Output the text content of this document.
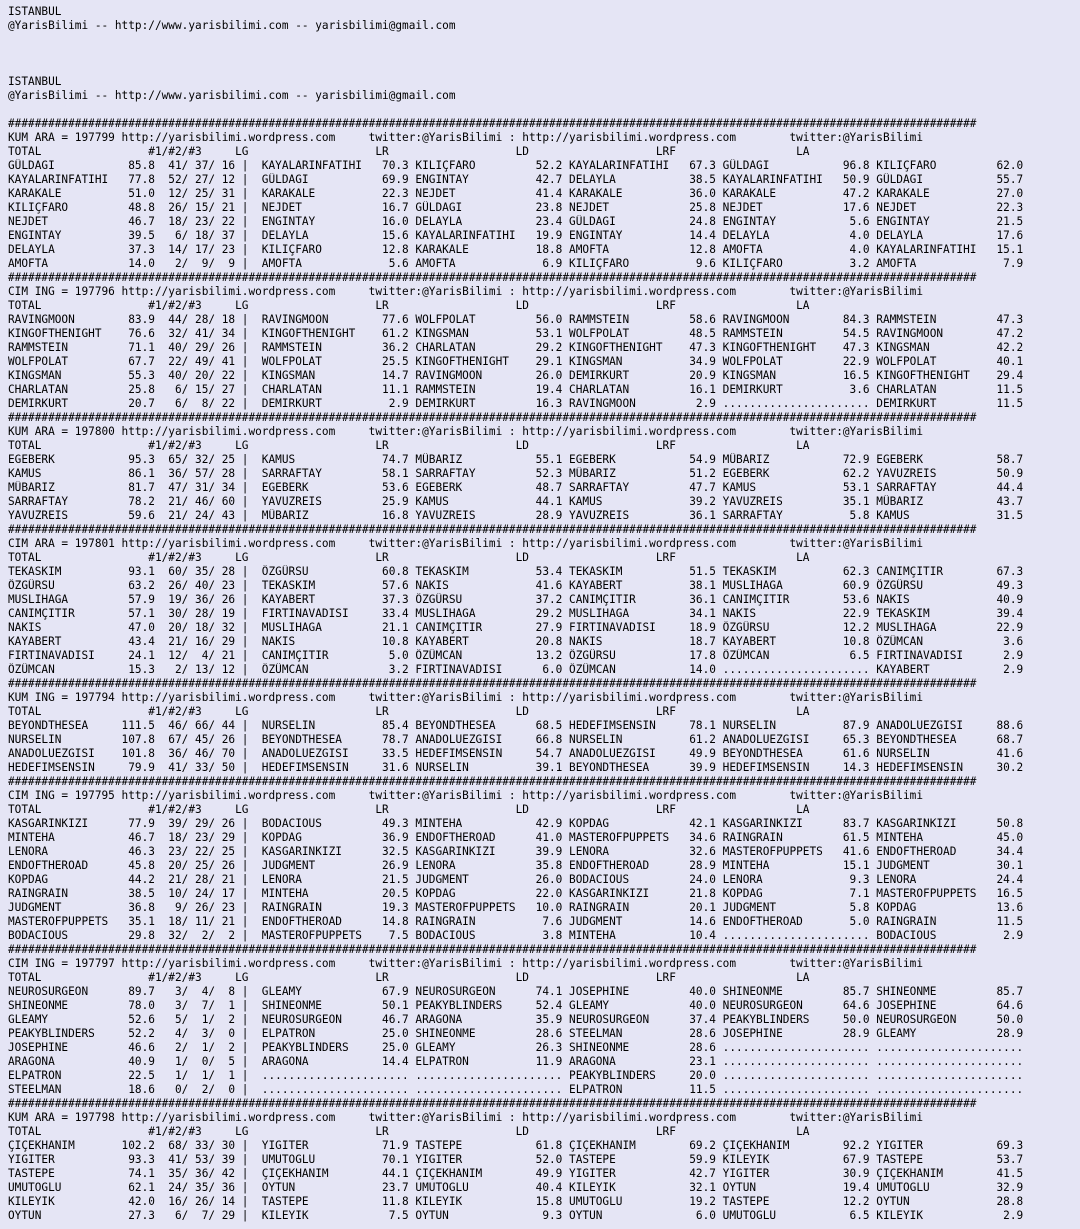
ISTANBUL
@YarisBilimi -- http://www.yarisbilimi.com -- yarisbilimi@gmail.com
ISTANBUL
@YarisBilimi -- http://www.yarisbilimi.com -- yarisbilimi@gmail.com
#################################################################################################################################################
KUM ARA = 197799 http://yarisbilimi.wordpress.com     twitter:@YarisBilimi : http://yarisbilimi.wordpress.com        twitter:@YarisBilimi
TOTAL                #1/#2/#3     LG                   LR                   LD                   LRF                  LA
GÜLDAGI           85.8  41/ 37/ 16 |  KAYALARINFATIHI   70.3 KILIÇFARO         52.2 KAYALARINFATIHI   67.3 GÜLDAGI           96.8 KILIÇFARO         62.0
KAYALARINFATIHI   77.8  52/ 27/ 12 |  GÜLDAGI           69.9 ENGINTAY          42.7 DELAYLA           38.5 KAYALARINFATIHI   50.9 GÜLDAGI           55.7
KARAKALE          51.0  12/ 25/ 31 |  KARAKALE          22.3 NEJDET            41.4 KARAKALE          36.0 KARAKALE          47.2 KARAKALE          27.0
KILIÇFARO         48.8  26/ 15/ 21 |  NEJDET            16.7 GÜLDAGI           23.8 NEJDET            25.8 NEJDET            17.6 NEJDET            22.3
NEJDET            46.7  18/ 23/ 22 |  ENGINTAY          16.0 DELAYLA           23.4 GÜLDAGI           24.8 ENGINTAY           5.6 ENGINTAY          21.5
ENGINTAY          39.5   6/ 18/ 37 |  DELAYLA           15.6 KAYALARINFATIHI   19.9 ENGINTAY          14.4 DELAYLA            4.0 DELAYLA           17.6
DELAYLA           37.3  14/ 17/ 23 |  KILIÇFARO         12.8 KARAKALE          18.8 AMOFTA            12.8 AMOFTA             4.0 KAYALARINFATIHI   15.1
AMOFTA            14.0   2/  9/  9 |  AMOFTA             5.6 AMOFTA             6.9 KILIÇFARO          9.6 KILIÇFARO          3.2 AMOFTA             7.9
#################################################################################################################################################
CIM ING = 197796 http://yarisbilimi.wordpress.com     twitter:@YarisBilimi : http://yarisbilimi.wordpress.com        twitter:@YarisBilimi
TOTAL                #1/#2/#3     LG                   LR                   LD                   LRF                  LA
RAVINGMOON        83.9  44/ 28/ 18 |  RAVINGMOON        77.6 WOLFPOLAT         56.0 RAMMSTEIN         58.6 RAVINGMOON        84.3 RAMMSTEIN         47.3
KINGOFTHENIGHT    76.6  32/ 41/ 34 |  KINGOFTHENIGHT    61.2 KINGSMAN          53.1 WOLFPOLAT         48.5 RAMMSTEIN         54.5 RAVINGMOON        47.2
RAMMSTEIN         71.1  40/ 29/ 26 |  RAMMSTEIN         36.2 CHARLATAN         29.2 KINGOFTHENIGHT    47.3 KINGOFTHENIGHT    47.3 KINGSMAN          42.2
WOLFPOLAT         67.7  22/ 49/ 41 |  WOLFPOLAT         25.5 KINGOFTHENIGHT    29.1 KINGSMAN          34.9 WOLFPOLAT         22.9 WOLFPOLAT         40.1
KINGSMAN          55.3  40/ 20/ 22 |  KINGSMAN          14.7 RAVINGMOON        26.0 DEMIRKURT         20.9 KINGSMAN          16.5 KINGOFTHENIGHT    29.4
CHARLATAN         25.8   6/ 15/ 27 |  CHARLATAN         11.1 RAMMSTEIN         19.4 CHARLATAN         16.1 DEMIRKURT          3.6 CHARLATAN         11.5
DEMIRKURT         20.7   6/  8/ 22 |  DEMIRKURT          2.9 DEMIRKURT         16.3 RAVINGMOON         2.9 ...................... DEMIRKURT         11.5
#################################################################################################################################################
KUM ARA = 197800 http://yarisbilimi.wordpress.com     twitter:@YarisBilimi : http://yarisbilimi.wordpress.com        twitter:@YarisBilimi
TOTAL                #1/#2/#3     LG                   LR                   LD                   LRF                  LA
EGEBERK           95.3  65/ 32/ 25 |  KAMUS             74.7 MÜBARIZ           55.1 EGEBERK           54.9 MÜBARIZ           72.9 EGEBERK           58.7
KAMUS             86.1  36/ 57/ 28 |  SARRAFTAY         58.1 SARRAFTAY         52.3 MÜBARIZ           51.2 EGEBERK           62.2 YAVUZREIS         50.9
MÜBARIZ           81.7  47/ 31/ 34 |  EGEBERK           53.6 EGEBERK           48.7 SARRAFTAY         47.7 KAMUS             53.1 SARRAFTAY         44.4
SARRAFTAY         78.2  21/ 46/ 60 |  YAVUZREIS         25.9 KAMUS             44.1 KAMUS             39.2 YAVUZREIS         35.1 MÜBARIZ           43.7
YAVUZREIS         59.6  21/ 24/ 43 |  MÜBARIZ           16.8 YAVUZREIS         28.9 YAVUZREIS         36.1 SARRAFTAY          5.8 KAMUS             31.5
#################################################################################################################################################
CIM ARA = 197801 http://yarisbilimi.wordpress.com     twitter:@YarisBilimi : http://yarisbilimi.wordpress.com        twitter:@YarisBilimi
TOTAL                #1/#2/#3     LG                   LR                   LD                   LRF                  LA
TEKASKIM          93.1  60/ 35/ 28 |  ÖZGÜRSU           60.8 TEKASKIM          53.4 TEKASKIM          51.5 TEKASKIM          62.3 CANIMÇITIR        67.3
ÖZGÜRSU           63.2  26/ 40/ 23 |  TEKASKIM          57.6 NAKIS             41.6 KAYABERT          38.1 MUSLIHAGA         60.9 ÖZGÜRSU           49.3
MUSLIHAGA         57.9  19/ 36/ 26 |  KAYABERT          37.3 ÖZGÜRSU           37.2 CANIMÇITIR        36.1 CANIMÇITIR        53.6 NAKIS             40.9
CANIMÇITIR        57.1  30/ 28/ 19 |  FIRTINAVADISI     33.4 MUSLIHAGA         29.2 MUSLIHAGA         34.1 NAKIS             22.9 TEKASKIM          39.4
NAKIS             47.0  20/ 18/ 32 |  MUSLIHAGA         21.1 CANIMÇITIR        27.9 FIRTINAVADISI     18.9 ÖZGÜRSU           12.2 MUSLIHAGA         22.9
KAYABERT          43.4  21/ 16/ 29 |  NAKIS             10.8 KAYABERT          20.8 NAKIS             18.7 KAYABERT          10.8 ÖZÜMCAN            3.6
FIRTINAVADISI     24.1  12/  4/ 21 |  CANIMÇITIR         5.0 ÖZÜMCAN           13.2 ÖZGÜRSU           17.8 ÖZÜMCAN            6.5 FIRTINAVADISI      2.9
ÖZÜMCAN           15.3   2/ 13/ 12 |  ÖZÜMCAN            3.2 FIRTINAVADISI      6.0 ÖZÜMCAN           14.0 ...................... KAYABERT           2.9
#################################################################################################################################################
KUM ING = 197794 http://yarisbilimi.wordpress.com     twitter:@YarisBilimi : http://yarisbilimi.wordpress.com        twitter:@YarisBilimi
TOTAL                #1/#2/#3     LG                   LR                   LD                   LRF                  LA
BEYONDTHESEA     111.5  46/ 66/ 44 |  NURSELIN          85.4 BEYONDTHESEA      68.5 HEDEFIMSENSIN     78.1 NURSELIN          87.9 ANADOLUEZGISI     88.6
NURSELIN         107.8  67/ 45/ 26 |  BEYONDTHESEA      78.7 ANADOLUEZGISI     66.8 NURSELIN          61.2 ANADOLUEZGISI     65.3 BEYONDTHESEA      68.7
ANADOLUEZGISI    101.8  36/ 46/ 70 |  ANADOLUEZGISI     33.5 HEDEFIMSENSIN     54.7 ANADOLUEZGISI     49.9 BEYONDTHESEA      61.6 NURSELIN          41.6
HEDEFIMSENSIN     79.9  41/ 33/ 50 |  HEDEFIMSENSIN     31.6 NURSELIN          39.1 BEYONDTHESEA      39.9 HEDEFIMSENSIN     14.3 HEDEFIMSENSIN     30.2
#################################################################################################################################################
CIM ING = 197795 http://yarisbilimi.wordpress.com     twitter:@YarisBilimi : http://yarisbilimi.wordpress.com        twitter:@YarisBilimi
TOTAL                #1/#2/#3     LG                   LR                   LD                   LRF                  LA
KASGARINKIZI      77.9  39/ 29/ 26 |  BODACIOUS         49.3 MINTEHA           42.9 KOPDAG            42.1 KASGARINKIZI      83.7 KASGARINKIZI      50.8
MINTEHA           46.7  18/ 23/ 29 |  KOPDAG            36.9 ENDOFTHEROAD      41.0 MASTEROFPUPPETS   34.6 RAINGRAIN         61.5 MINTEHA           45.0
LENORA            46.3  23/ 22/ 25 |  KASGARINKIZI      32.5 KASGARINKIZI      39.9 LENORA            32.6 MASTEROFPUPPETS   41.6 ENDOFTHEROAD      34.4
ENDOFTHEROAD      45.8  20/ 25/ 26 |  JUDGMENT          26.9 LENORA            35.8 ENDOFTHEROAD      28.9 MINTEHA           15.1 JUDGMENT          30.1
KOPDAG            44.2  21/ 28/ 21 |  LENORA            21.5 JUDGMENT          26.0 BODACIOUS         24.0 LENORA             9.3 LENORA            24.4
RAINGRAIN         38.5  10/ 24/ 17 |  MINTEHA           20.5 KOPDAG            22.0 KASGARINKIZI      21.8 KOPDAG             7.1 MASTEROFPUPPETS   16.5
JUDGMENT          36.8   9/ 26/ 23 |  RAINGRAIN         19.3 MASTEROFPUPPETS   10.0 RAINGRAIN         20.1 JUDGMENT           5.8 KOPDAG            13.6
MASTEROFPUPPETS   35.1  18/ 11/ 21 |  ENDOFTHEROAD      14.8 RAINGRAIN          7.6 JUDGMENT          14.6 ENDOFTHEROAD       5.0 RAINGRAIN         11.5
BODACIOUS         29.8  32/  2/  2 |  MASTEROFPUPPETS    7.5 BODACIOUS          3.8 MINTEHA           10.4 ...................... BODACIOUS          2.9
#################################################################################################################################################
CIM ING = 197797 http://yarisbilimi.wordpress.com     twitter:@YarisBilimi : http://yarisbilimi.wordpress.com        twitter:@YarisBilimi
TOTAL                #1/#2/#3     LG                   LR                   LD                   LRF                  LA
NEUROSURGEON      89.7   3/  4/  8 |  GLEAMY            67.9 NEUROSURGEON      74.1 JOSEPHINE         40.0 SHINEONME         85.7 SHINEONME         85.7
SHINEONME         78.0   3/  7/  1 |  SHINEONME         50.1 PEAKYBLINDERS     52.4 GLEAMY            40.0 NEUROSURGEON      64.6 JOSEPHINE         64.6
GLEAMY            52.6   5/  1/  2 |  NEUROSURGEON      46.7 ARAGONA           35.9 NEUROSURGEON      37.4 PEAKYBLINDERS     50.0 NEUROSURGEON      50.0
PEAKYBLINDERS     52.2   4/  3/  0 |  ELPATRON          25.0 SHINEONME         28.6 STEELMAN          28.6 JOSEPHINE         28.9 GLEAMY            28.9
JOSEPHINE         46.6   2/  1/  2 |  PEAKYBLINDERS     25.0 GLEAMY            26.3 SHINEONME         28.6 ...................... ......................
ARAGONA           40.9   1/  0/  5 |  ARAGONA           14.4 ELPATRON          11.9 ARAGONA           23.1 ...................... ......................
ELPATRON          22.5   1/  1/  1 |  ...................... ...................... PEAKYBLINDERS     20.0 ...................... ......................
STEELMAN          18.6   0/  2/  0 |  ...................... ...................... ELPATRON          11.5 ...................... ......................
#################################################################################################################################################
KUM ARA = 197798 http://yarisbilimi.wordpress.com     twitter:@YarisBilimi : http://yarisbilimi.wordpress.com        twitter:@YarisBilimi
TOTAL                #1/#2/#3     LG                   LR                   LD                   LRF                  LA
ÇIÇEKHANIM       102.2  68/ 33/ 30 |  YIGITER           71.9 TASTEPE           61.8 ÇIÇEKHANIM        69.2 ÇIÇEKHANIM        92.2 YIGITER           69.3
YIGITER           93.3  41/ 53/ 39 |  UMUTOGLU          70.1 YIGITER           52.0 TASTEPE           59.9 KILEYIK           67.9 TASTEPE           53.7
TASTEPE           74.1  35/ 36/ 42 |  ÇIÇEKHANIM        44.1 ÇIÇEKHANIM        49.9 YIGITER           42.7 YIGITER           30.9 ÇIÇEKHANIM        41.5
UMUTOGLU          62.1  24/ 35/ 36 |  OYTUN             23.7 UMUTOGLU          40.4 KILEYIK           32.1 OYTUN             19.4 UMUTOGLU          32.9
KILEYIK           42.0  16/ 26/ 14 |  TASTEPE           11.8 KILEYIK           15.8 UMUTOGLU          19.2 TASTEPE           12.2 OYTUN             28.8
OYTUN             27.3   6/  7/ 29 |  KILEYIK            7.5 OYTUN              9.3 OYTUN              6.0 UMUTOGLU           6.5 KILEYIK            2.9
